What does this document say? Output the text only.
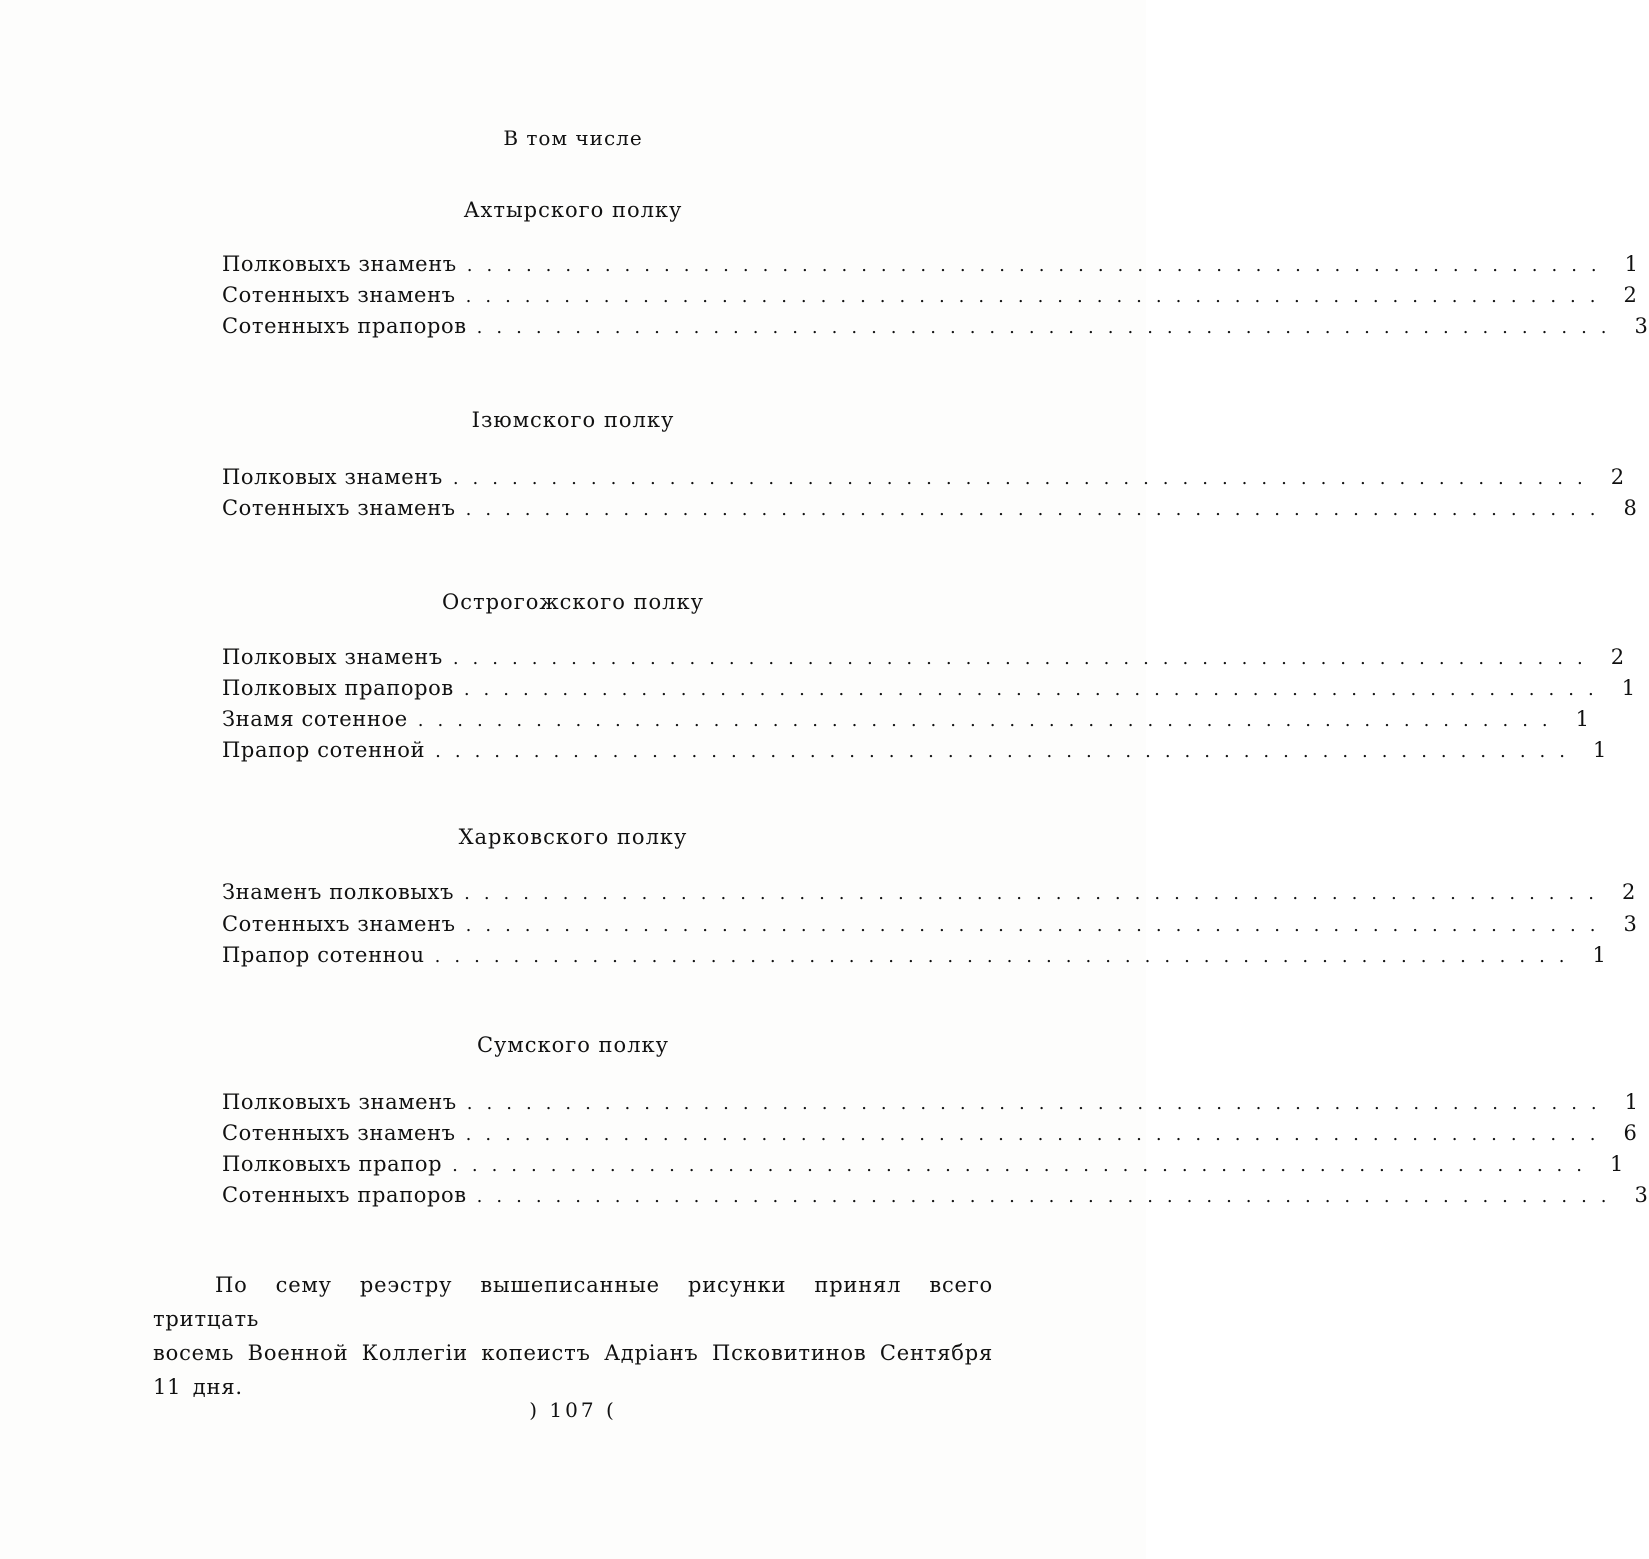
В том числе
Ахтырского полку
Полковыхъ знаменъ .......................................................... 1
Сотенныхъ знаменъ .......................................................... 2
Сотенныхъ прапоров .......................................................... 3
Ізюмского полку
Полковых знаменъ .......................................................... 2
Сотенныхъ знаменъ .......................................................... 8
Острогожского полку
Полковых знаменъ .......................................................... 2
Полковых прапоров .......................................................... 1
Знамя сотенное .......................................................... 1
Прапор сотенной .......................................................... 1
Харковского полку
Знаменъ полковыхъ .......................................................... 2
Сотенныхъ знаменъ .......................................................... 3
Прапор сотенноu .......................................................... 1
Сумского полку
Полковыхъ знаменъ .......................................................... 1
Сотенныхъ знаменъ .......................................................... 6
Полковыхъ прапор .......................................................... 1
Сотенныхъ прапоров .......................................................... 3
По сему реэстру вышеписанные рисунки принял всего тритцать
восемь Военной Коллегіи копеистъ Адріанъ Псковитинов Сентября
11 дня.
) 107 (
